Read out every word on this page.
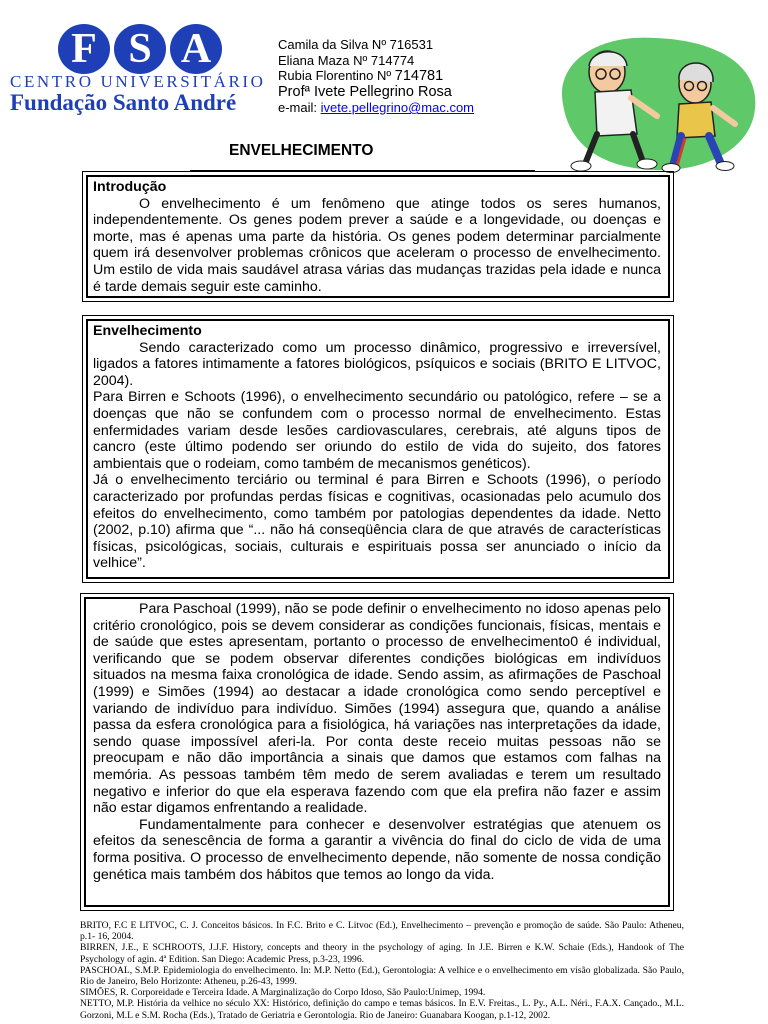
F S A
CENTRO UNIVERSITÁRIO
Fundação Santo André
Camila da Silva Nº 716531
Eliana Maza Nº 714774
Rubia Florentino Nº 714781
Profª Ivete Pellegrino Rosa
e-mail: ivete.pellegrino@mac.com
ENVELHECIMENTO

Introdução

O envelhecimento é um fenômeno que atinge todos os seres humanos, independentemente. Os genes podem prever a saúde e a longevidade, ou doenças e morte, mas é apenas uma parte da história. Os genes podem determinar parcialmente quem irá desenvolver problemas crônicos que aceleram o processo de envelhecimento. Um estilo de vida mais saudável atrasa várias das mudanças trazidas pela idade e nunca é tarde demais seguir este caminho.

Envelhecimento

Sendo caracterizado como um processo dinâmico, progressivo e irreversível, ligados a fatores intimamente a fatores biológicos, psíquicos e sociais (BRITO E LITVOC, 2004).

Para Birren e Schoots (1996), o envelhecimento secundário ou patológico, refere – se a doenças que não se confundem com o processo normal de envelhecimento. Estas enfermidades variam desde lesões cardiovasculares, cerebrais, até alguns tipos de cancro (este último podendo ser oriundo do estilo de vida do sujeito, dos fatores ambientais que o rodeiam, como também de mecanismos genéticos).

Já o envelhecimento terciário ou terminal é para Birren e Schoots (1996), o período caracterizado por profundas perdas físicas e cognitivas, ocasionadas pelo acumulo dos efeitos do envelhecimento, como também por patologias dependentes da idade. Netto (2002, p.10) afirma que “... não há conseqüência clara de que através de características físicas, psicológicas, sociais, culturais e espirituais possa ser anunciado o início da velhice”.

Para Paschoal (1999), não se pode definir o envelhecimento no idoso apenas pelo critério cronológico, pois se devem considerar as condições funcionais, físicas, mentais e de saúde que estes apresentam, portanto o processo de envelhecimento0 é individual, verificando que se podem observar diferentes condições biológicas em indivíduos situados na mesma faixa cronológica de idade. Sendo assim, as afirmações de Paschoal (1999) e Simões (1994) ao destacar a idade cronológica como sendo perceptível e variando de indivíduo para indivíduo. Simões (1994) assegura que, quando a análise passa da esfera cronológica para a fisiológica, há variações nas interpretações da idade, sendo quase impossível aferi-la. Por conta deste receio muitas pessoas não se preocupam e não dão importância a sinais que damos que estamos com falhas na memória. As pessoas também têm medo de serem avaliadas e terem um resultado negativo e inferior do que ela esperava fazendo com que ela prefira não fazer e assim não estar digamos enfrentando a realidade.

Fundamentalmente para conhecer e desenvolver estratégias que atenuem os efeitos da senescência de forma a garantir a vivência do final do ciclo de vida de uma forma positiva. O processo de envelhecimento depende, não somente de nossa condição genética mais também dos hábitos que temos ao longo da vida.

BRITO, F.C E LITVOC, C. J. Conceitos básicos. In F.C. Brito e C. Litvoc (Ed.), Envelhecimento – prevenção e promoção de saúde. São Paulo: Atheneu, p.1- 16, 2004.

BIRREN, J.E., E SCHROOTS, J.J.F. History, concepts and theory in the psychology of aging. In J.E. Birren e K.W. Schaie (Eds.), Handook of The Psychology of agin. 4ª Edition. San Diego: Academic Press, p.3-23, 1996.

PASCHOAL, S.M.P. Epidemiologia do envelhecimento. In: M.P. Netto (Ed.), Gerontologia: A velhice e o envelhecimento em visão globalizada. São Paulo, Rio de Janeiro, Belo Horizonte: Atheneu, p.26-43, 1999.

SIMÕES, R. Corporeidade e Terceira Idade. A Marginalização do Corpo Idoso, São Paulo:Unimep, 1994.

NETTO, M.P. História da velhice no século XX: Histórico, definição do campo e temas básicos. In E.V. Freitas., L. Py., A.L. Néri., F.A.X. Cançado., M.L. Gorzoni, M.L e S.M. Rocha (Eds.), Tratado de Geriatria e Gerontologia. Rio de Janeiro: Guanabara Koogan, p.1-12, 2002.
